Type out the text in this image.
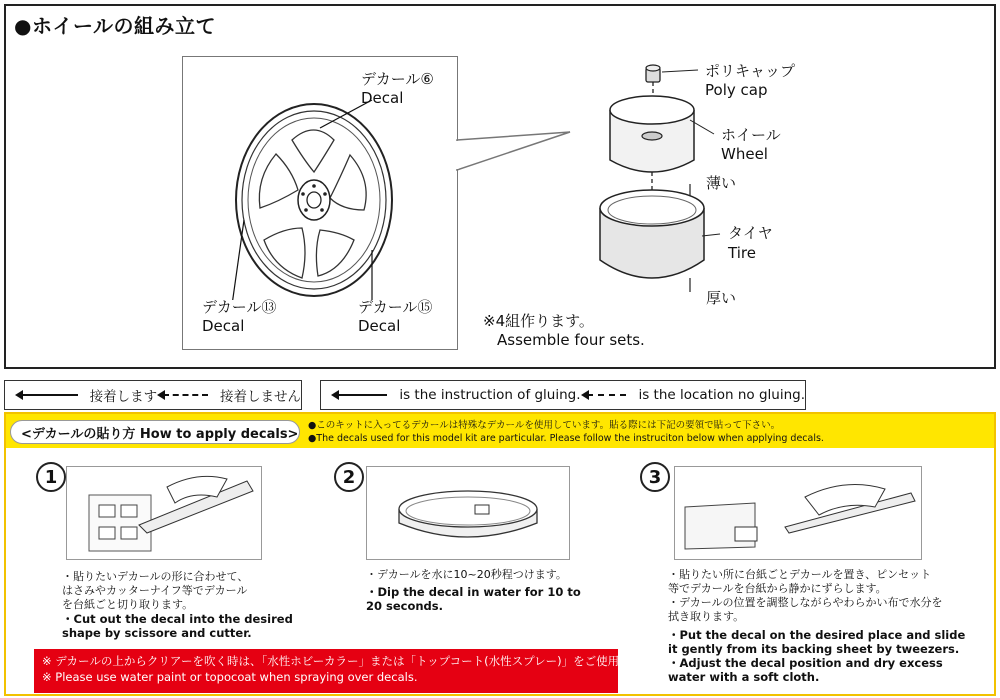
●ホイールの組み立て
デカール⑥
Decal
デカール⑬
Decal
デカール⑮
Decal
ポリキャップ
Poly cap
ホイール
Wheel
薄い
タイヤ
Tire
厚い
※4組作ります。
Assemble four sets.
接着します	接着しません	is the instruction of gluing.	is the location no gluing.
<デカールの貼り方 How to apply decals>
●このキットに入ってるデカールは特殊なデカールを使用しています。貼る際には下記の要領で貼って下さい。
●The decals used for this model kit are particular. Please follow the instruciton below when applying decals.
1
・貼りたいデカールの形に合わせて、
はさみやカッターナイフ等でデカール
を台紙ごと切り取ります。
・Cut out the decal into the desired
shape by scissore and cutter.
2
・デカールを水に10~20秒程つけます。
・Dip the decal in water for 10 to
20 seconds.
3
・貼りたい所に台紙ごとデカールを置き、ピンセット
等でデカールを台紙から静かにずらします。
・デカールの位置を調整しながらやわらかい布で水分を
拭き取ります。
・Put the decal on the desired place and slide
it gently from its backing sheet by tweezers.
・Adjust the decal position and dry excess
water with a soft cloth.
※ デカールの上からクリアーを吹く時は、「水性ホビーカラー」または「トップコート(水性スプレー)」をご使用下さい。
※ Please use water paint or topocoat when spraying over decals.
